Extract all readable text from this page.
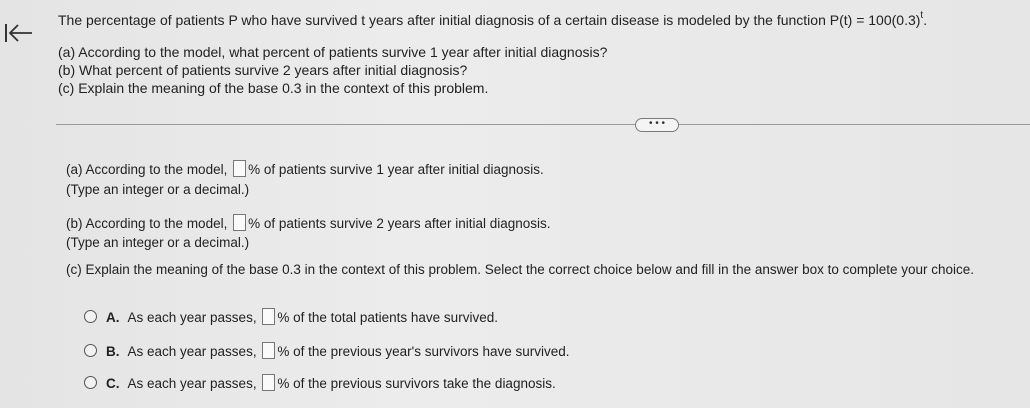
The percentage of patients P who have survived t years after initial diagnosis of a certain disease is modeled by the function $P(t) = 100(0.3)^t$.
(a) According to the model, what percent of patients survive 1 year after initial diagnosis?
(b) What percent of patients survive 2 years after initial diagnosis?
(c) Explain the meaning of the base 0.3 in the context of this problem.
• • •
(a) According to the model, % of patients survive 1 year after initial diagnosis.
(Type an integer or a decimal.)
(b) According to the model, % of patients survive 2 years after initial diagnosis.
(Type an integer or a decimal.)
(c) Explain the meaning of the base 0.3 in the context of this problem. Select the correct choice below and fill in the answer box to complete your choice.
A. As each year passes, % of the total patients have survived.
B. As each year passes, % of the previous year's survivors have survived.
C. As each year passes, % of the previous survivors take the diagnosis.
